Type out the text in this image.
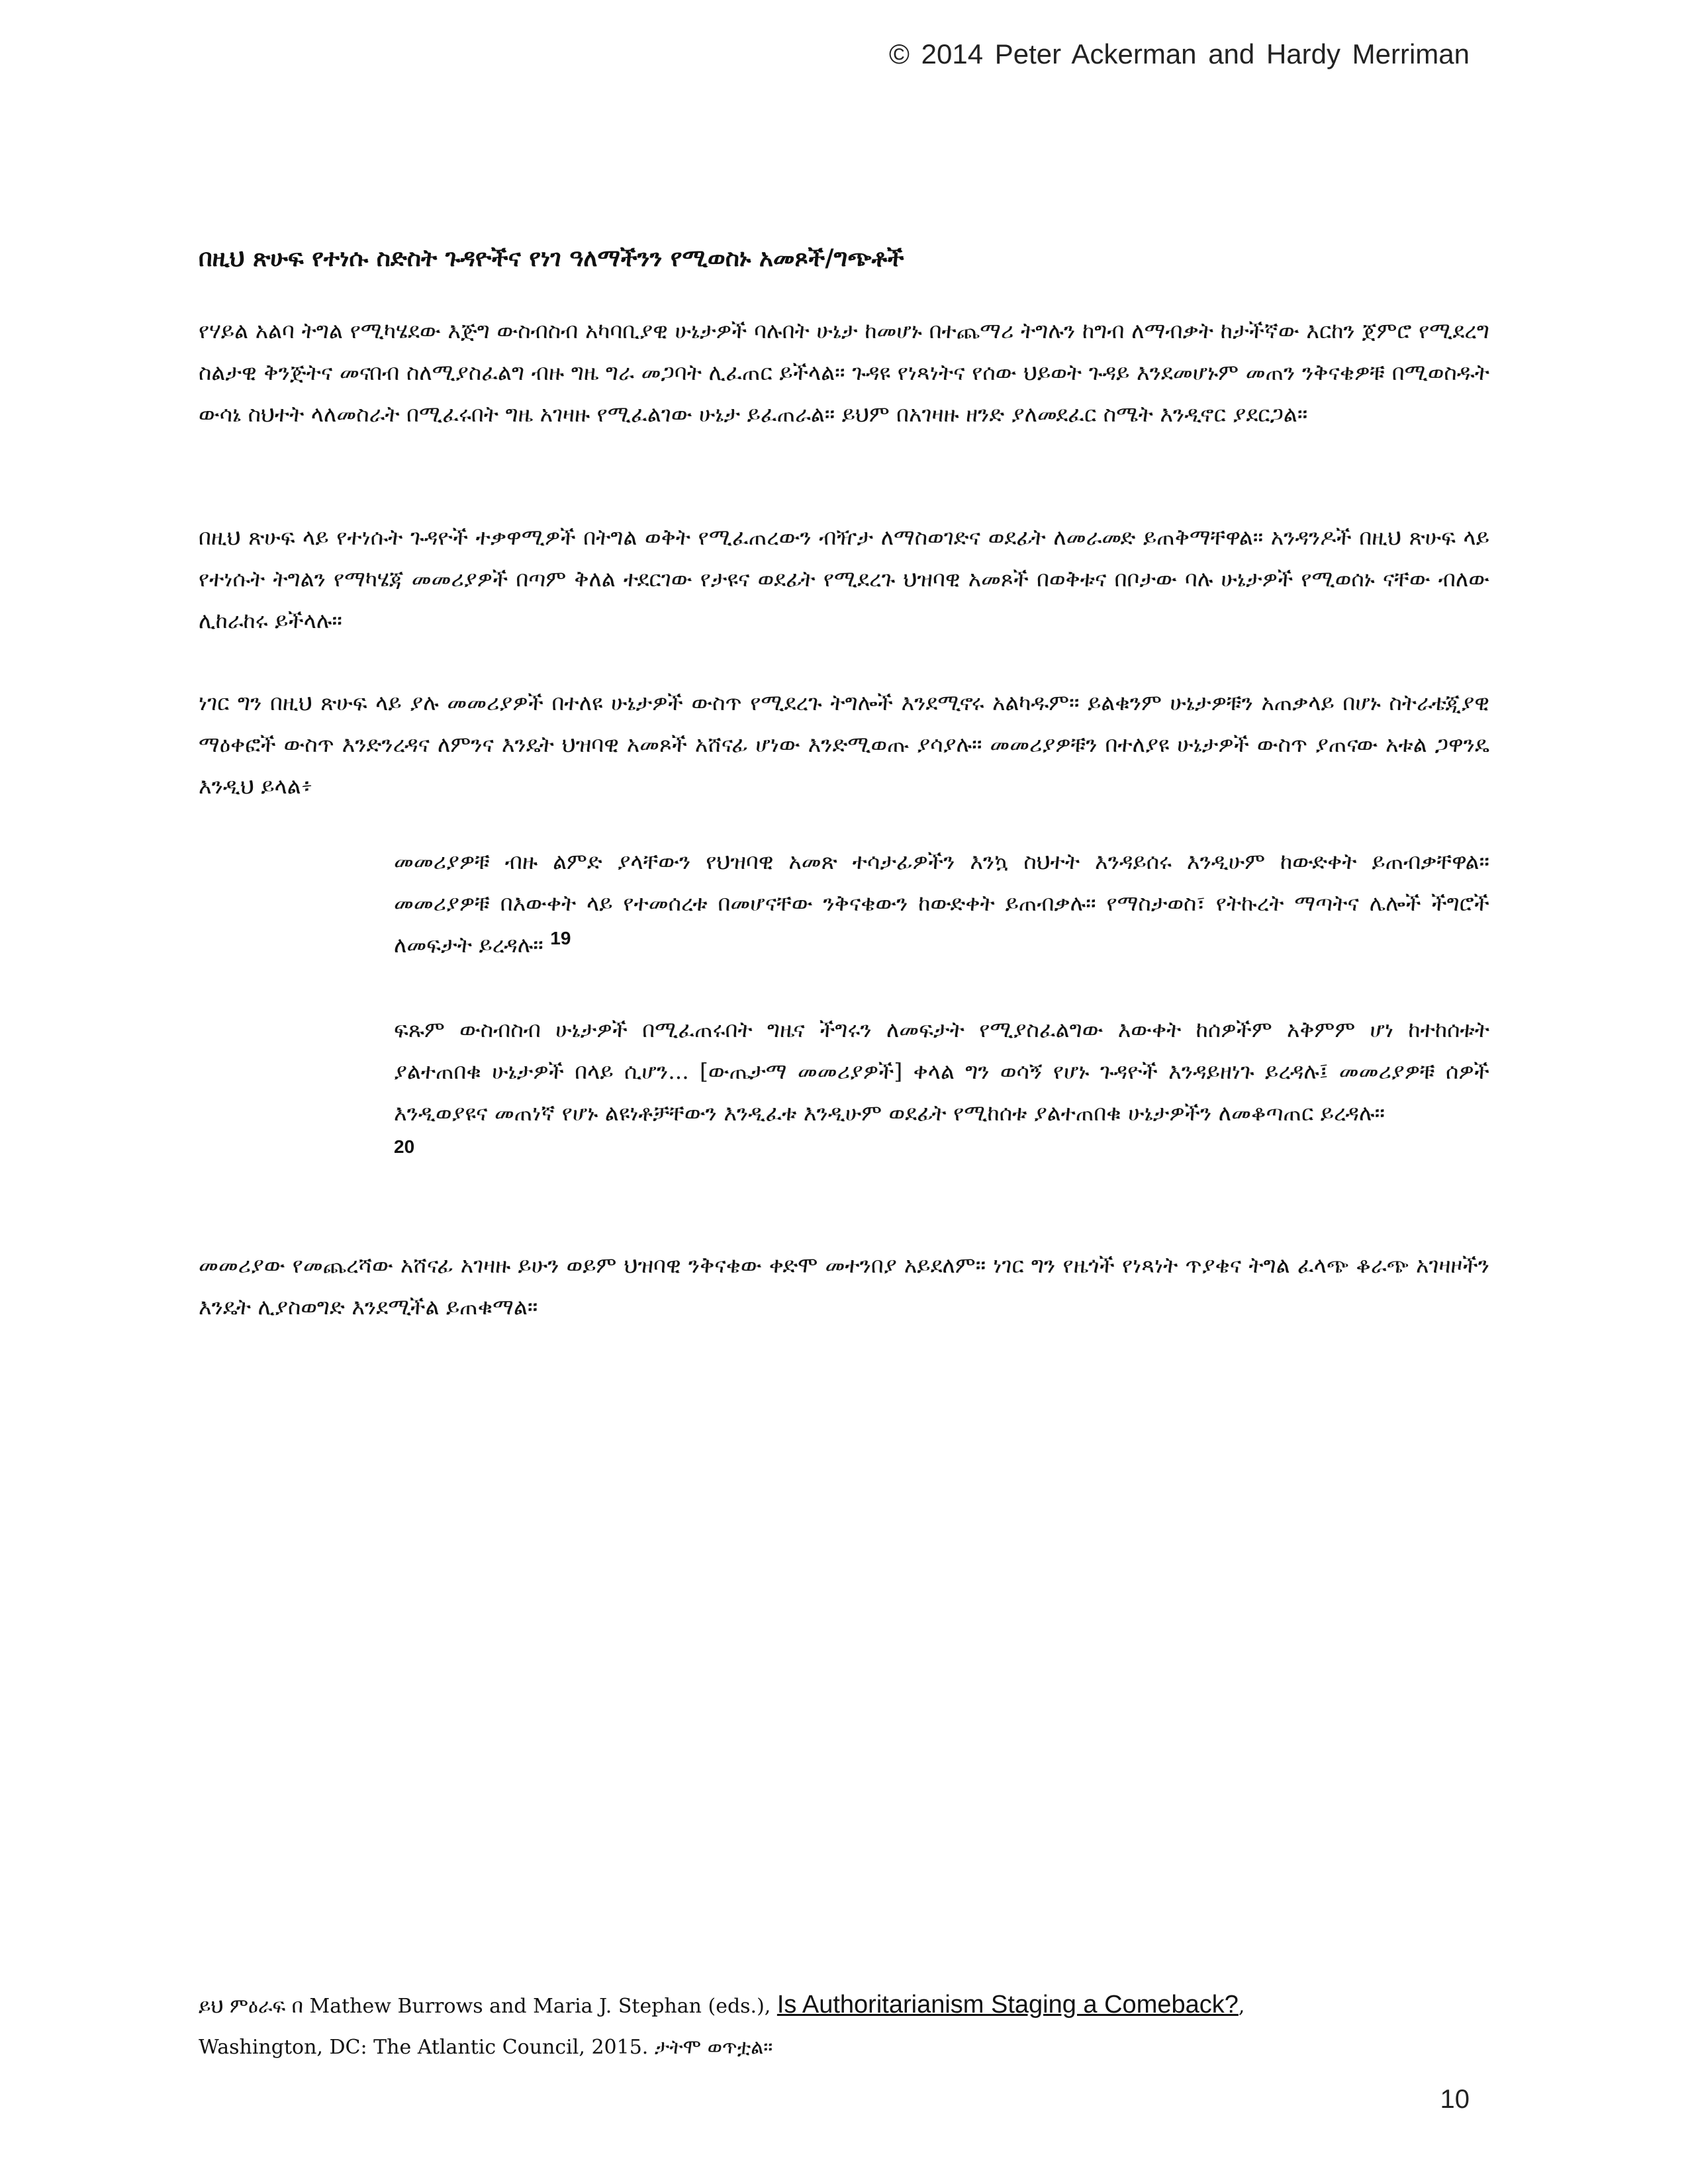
© 2014 Peter Ackerman and Hardy Merriman
በዚህ ጽሁፍ የተነሱ ስድስት ጉዳዮችና የነገ ዓለማችንን የሚወስኑ አመጾች/ግጭቶች

የሃይል አልባ ትግል የሚካሄደው እጅግ ውስብስብ አካባቢያዊ ሁኔታዎች ባሉበት ሁኔታ ከመሆኑ በተጨማሪ ትግሉን ከግብ ለማብቃት ከታችኛው እርከን ጀምሮ የሚደረግ ስልታዊ ቅንጅትና መናበብ ስለሚያስፈልግ ብዙ ግዜ ግራ መጋባት ሊፈጠር ይችላል። ጉዳዩ የነጻነትና የሰው ህይወት ጉዳይ እንደመሆኑም መጠን ንቅናቄዎቹ በሚወስዱት ውሳኔ ስህተት ላለመስራት በሚፈሩበት ግዜ አገዛዙ የሚፈልገው ሁኔታ ይፈጠራል። ይህም በአገዛዙ ዘንድ ያለመደፈር ስሜት እንዲኖር ያደርጋል።

በዚህ ጽሁፍ ላይ የተነሱት ጉዳዮች ተቃዋሚዎች በትግል ወቅት የሚፈጠረውን ብዥታ ለማስወገድና ወደፊት ለመራመድ ይጠቅማቸዋል። አንዳንዶች በዚህ ጽሁፍ ላይ የተነሱት ትግልን የማካሄጃ መመሪያዎች በጣም ቅለል ተደርገው የታዩና ወደፊት የሚደረጉ ህዝባዊ አመጾች በወቅቱና በቦታው ባሉ ሁኔታዎች የሚወሰኑ ናቸው ብለው ሊከራከሩ ይችላሉ።

ነገር ግን በዚህ ጽሁፍ ላይ ያሉ መመሪያዎች በተለዩ ሁኔታዎች ውስጥ የሚደረጉ ትግሎች እንደሚኖሩ አልካዱም። ይልቁንም ሁኔታዎቹን አጠቃላይ በሆኑ ስትራቴጂያዊ ማዕቀፎች ውስጥ እንድንረዳና ለምንና እንዴት ህዝባዊ አመጾች አሸናፊ ሆነው እንድሚወጡ ያሳያሉ። መመሪያዎቹን በተለያዩ ሁኔታዎች ውስጥ ያጠናው አቱል ጋዋንዴ እንዲህ ይላል፥

መመሪያዎቹ ብዙ ልምድ ያላቸውን የህዝባዊ አመጽ ተሳታፊዎችን እንኳ ስህተት እንዳይሰሩ እንዲሁም ከውድቀት ይጠብቃቸዋል። መመሪያዎቹ በእውቀት ላይ የተመሰረቱ በመሆናቸው ንቅናቄውን ከውድቀት ይጠብቃሉ። የማስታወስ፣ የትኩረት ማጣትና ሌሎች ችግሮች ለመፍታት ይረዳሉ። $^{19}$
ፍጹም ውስብስብ ሁኔታዎች በሚፈጠሩበት ግዜና ችግሩን ለመፍታት የሚያስፈልግው እውቀት ከሰዎችም አቅምም ሆነ ከተከሰቱት ያልተጠበቁ ሁኔታዎች በላይ ሲሆን... [ውጤታማ መመሪያዎች] ቀላል ግን ወሳኝ የሆኑ ጉዳዮች እንዳይዘነጉ ይረዳሉ፤ መመሪያዎቹ ሰዎች እንዲወያዩና መጠነኛ የሆኑ ልዩነቶቻቸውን እንዲፈቱ እንዲሁም ወደፊት የሚከሰቱ ያልተጠበቁ ሁኔታዎችን ለመቆጣጠር ይረዳሉ።
20

መመሪያው የመጨረሻው አሸናፊ አገዛዙ ይሁን ወይም ህዝባዊ ንቅናቄው ቀድሞ መተንበያ አይደለም። ነገር ግን የዜጎች የነጻነት ጥያቄና ትግል ፈላጭ ቆራጭ አገዛዞችን እንዴት ሊያስወግድ እንደሚችል ይጠቁማል።

ይህ ምዕራፍ በ Mathew Burrows and Maria J. Stephan (eds.), Is Authoritarianism Staging a Comeback?,
Washington, DC: The Atlantic Council, 2015. ታትሞ ወጥቷል።
10
